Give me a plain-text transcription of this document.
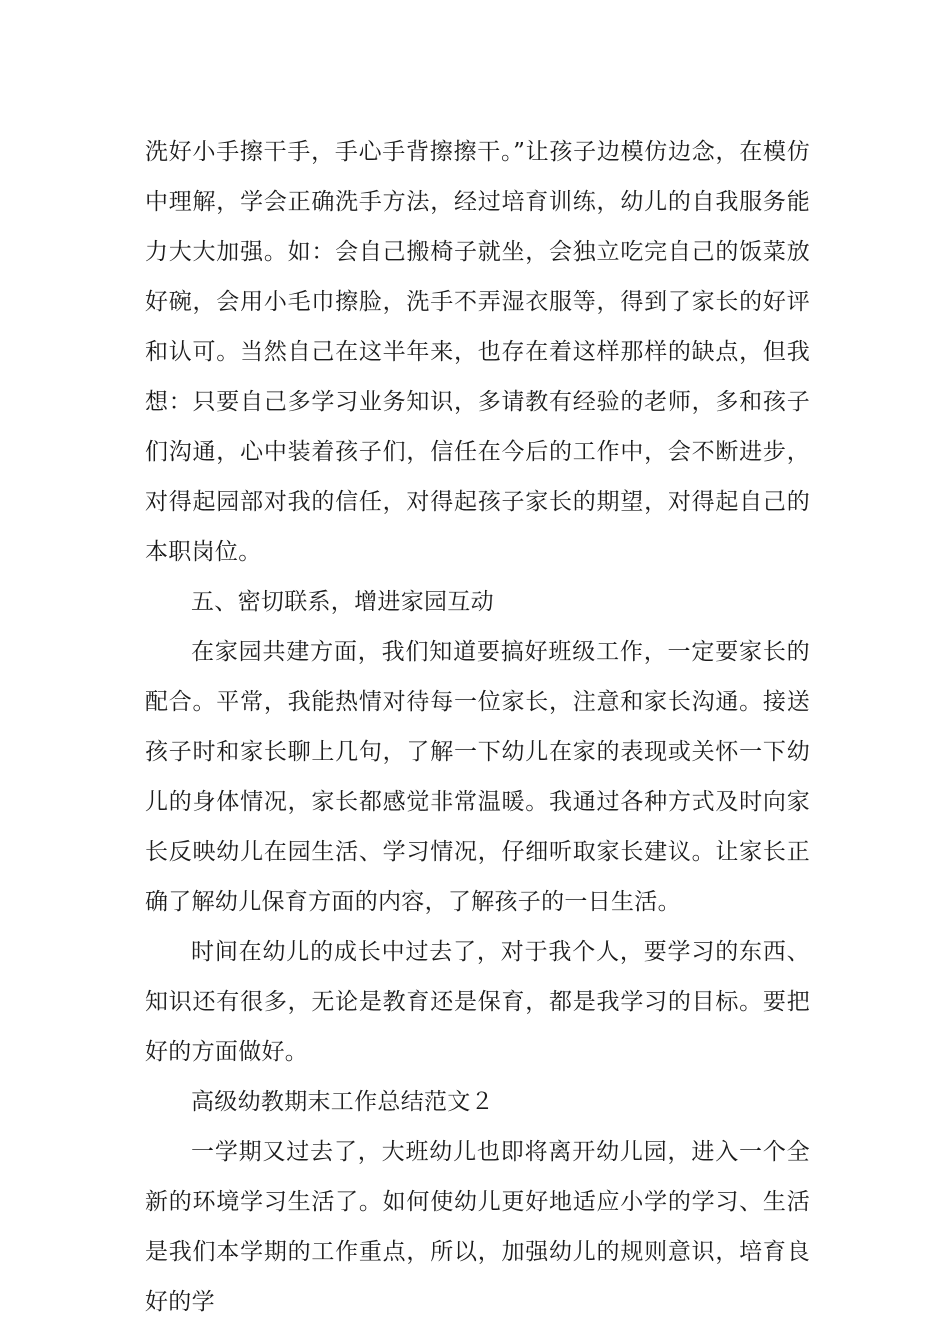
洗好小手擦干手，手心手背擦擦干。”让孩子边模仿边念，在模仿中理解，学会正确洗手方法，经过培育训练，幼儿的自我服务能力大大加强。如：会自己搬椅子就坐，会独立吃完自己的饭菜放好碗，会用小毛巾擦脸，洗手不弄湿衣服等，得到了家长的好评和认可。当然自己在这半年来，也存在着这样那样的缺点，但我想：只要自己多学习业务知识，多请教有经验的老师，多和孩子们沟通，心中装着孩子们，信任在今后的工作中，会不断进步，对得起园部对我的信任，对得起孩子家长的期望，对得起自己的本职岗位。

五、密切联系，增进家园互动

在家园共建方面，我们知道要搞好班级工作，一定要家长的配合。平常，我能热情对待每一位家长，注意和家长沟通。接送孩子时和家长聊上几句，了解一下幼儿在家的表现或关怀一下幼儿的身体情况，家长都感觉非常温暖。我通过各种方式及时向家长反映幼儿在园生活、学习情况，仔细听取家长建议。让家长正确了解幼儿保育方面的内容，了解孩子的一日生活。

时间在幼儿的成长中过去了，对于我个人，要学习的东西、知识还有很多，无论是教育还是保育，都是我学习的目标。要把好的方面做好。

高级幼教期末工作总结范文２

一学期又过去了，大班幼儿也即将离开幼儿园，进入一个全新的环境学习生活了。如何使幼儿更好地适应小学的学习、生活是我们本学期的工作重点，所以，加强幼儿的规则意识，培育良好的学
